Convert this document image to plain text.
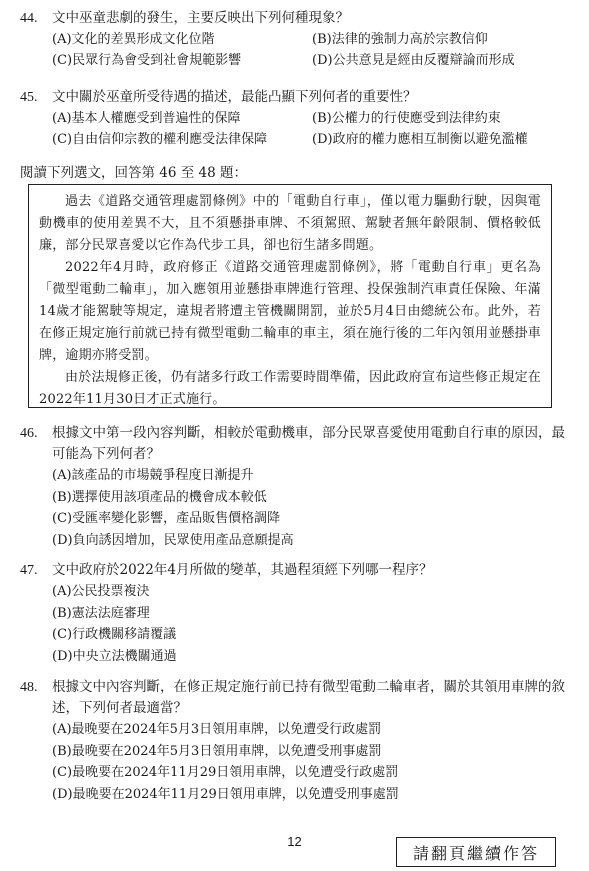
44.	文中巫童悲劇的發生，主要反映出下列何種現象？
(A)文化的差異形成文化位階	(B)法律的強制力高於宗教信仰
(C)民眾行為會受到社會規範影響	(D)公共意見是經由反覆辯論而形成
45.	文中關於巫童所受待遇的描述，最能凸顯下列何者的重要性？
(A)基本人權應受到普遍性的保障	(B)公權力的行使應受到法律約束
(C)自由信仰宗教的權利應受法律保障	(D)政府的權力應相互制衡以避免濫權
閱讀下列選文，回答第 46 至 48 題：

過去《道路交通管理處罰條例》中的「電動自行車」，僅以電力驅動行駛，因與電動機車的使用差異不大，且不須懸掛車牌、不須駕照、駕駛者無年齡限制、價格較低廉，部分民眾喜愛以它作為代步工具，卻也衍生諸多問題。

2022年4月時，政府修正《道路交通管理處罰條例》，將「電動自行車」更名為「微型電動二輪車」，加入應領用並懸掛車牌進行管理、投保強制汽車責任保險、年滿14歲才能駕駛等規定，違規者將遭主管機關開罰，並於5月4日由總統公布。此外，若在修正規定施行前就已持有微型電動二輪車的車主，須在施行後的二年內領用並懸掛車牌，逾期亦將受罰。

由於法規修正後，仍有諸多行政工作需要時間準備，因此政府宣布這些修正規定在2022年11月30日才正式施行。

46.	根據文中第一段內容判斷，相較於電動機車，部分民眾喜愛使用電動自行車的原因，最可能為下列何者？
(A)該產品的市場競爭程度日漸提升
(B)選擇使用該項產品的機會成本較低
(C)受匯率變化影響，產品販售價格調降
(D)負向誘因增加，民眾使用產品意願提高
47.	文中政府於2022年4月所做的變革，其過程須經下列哪一程序？
(A)公民投票複決
(B)憲法法庭審理
(C)行政機關移請覆議
(D)中央立法機關通過
48.	根據文中內容判斷，在修正規定施行前已持有微型電動二輪車者，關於其領用車牌的敘述，下列何者最適當？
(A)最晚要在2024年5月3日領用車牌，以免遭受行政處罰
(B)最晚要在2024年5月3日領用車牌，以免遭受刑事處罰
(C)最晚要在2024年11月29日領用車牌，以免遭受行政處罰
(D)最晚要在2024年11月29日領用車牌，以免遭受刑事處罰
12
請翻頁繼續作答
